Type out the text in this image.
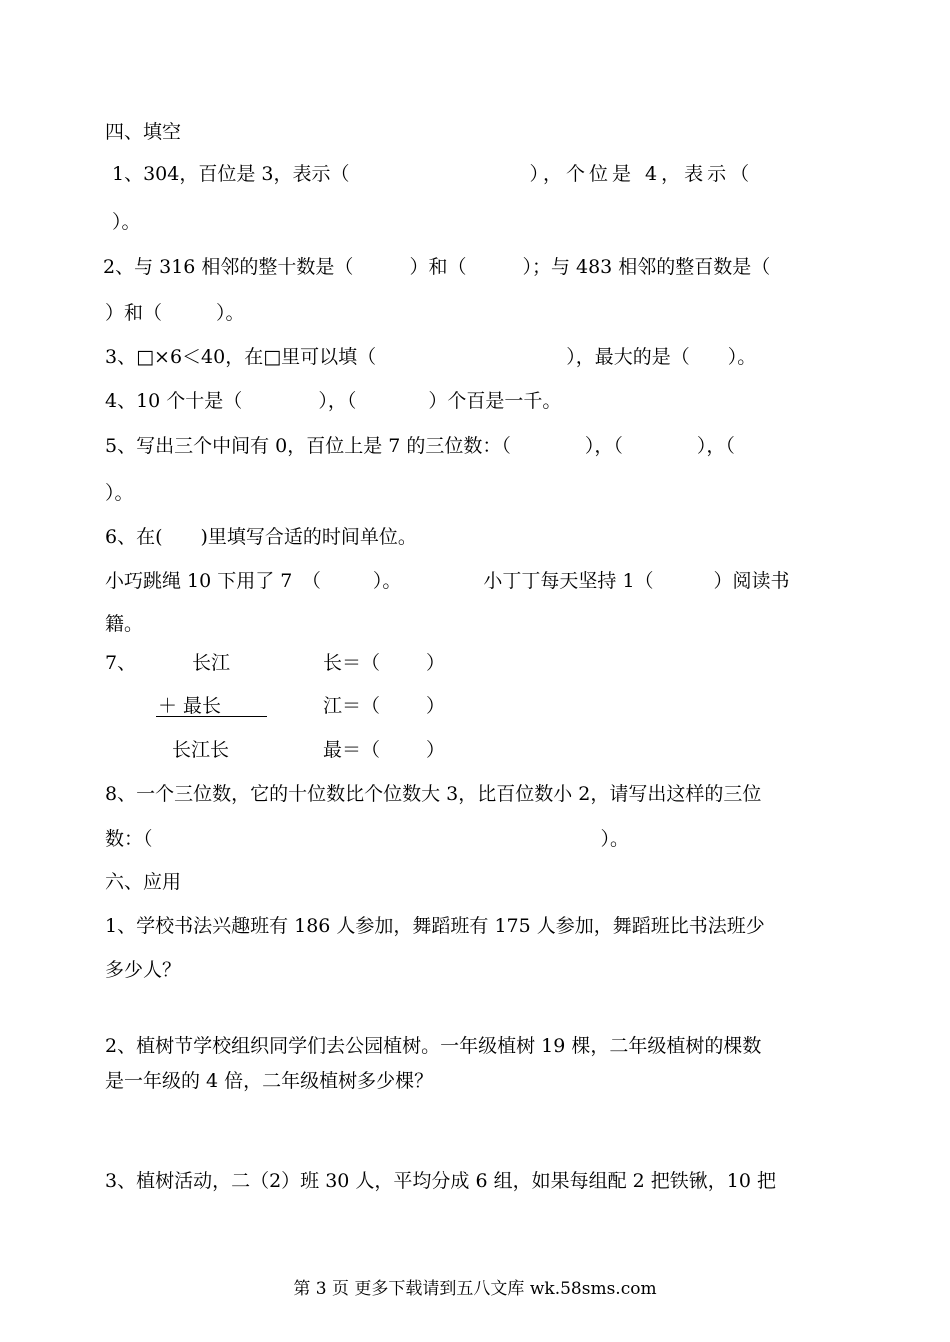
四、填空
1、304，百位是 3，表示（	），个位是 4，表示（
）。
2、与 316 相邻的整十数是（	）和（	）；与 483 相邻的整百数是（
）和（	）。
3、□×6＜40，在□里可以填（	），最大的是（ ）。
4、10 个十是（	），（	）个百是一千。
5、写出三个中间有 0，百位上是 7 的三位数：（	），（	），（
）。
6、在(　　)里填写合适的时间单位。
小巧跳绳 10 下用了 7　（	）。	小丁丁每天坚持 1（	）阅读书
籍。
7、	长江
＋ 最长
长江长
长＝（ ）
江＝（ ）
最＝（ ）
8、一个三位数，它的十位数比个位数大 3，比百位数小 2，请写出这样的三位
数：（	）。
六、应用
1、学校书法兴趣班有 186 人参加，舞蹈班有 175 人参加，舞蹈班比书法班少
多少人？
2、植树节学校组织同学们去公园植树。一年级植树 19 棵，二年级植树的棵数
是一年级的 4 倍，二年级植树多少棵？
3、植树活动，二（2）班 30 人，平均分成 6 组，如果每组配 2 把铁锹，10 把
第 3 页 更多下载请到五八文库 wk.58sms.com
